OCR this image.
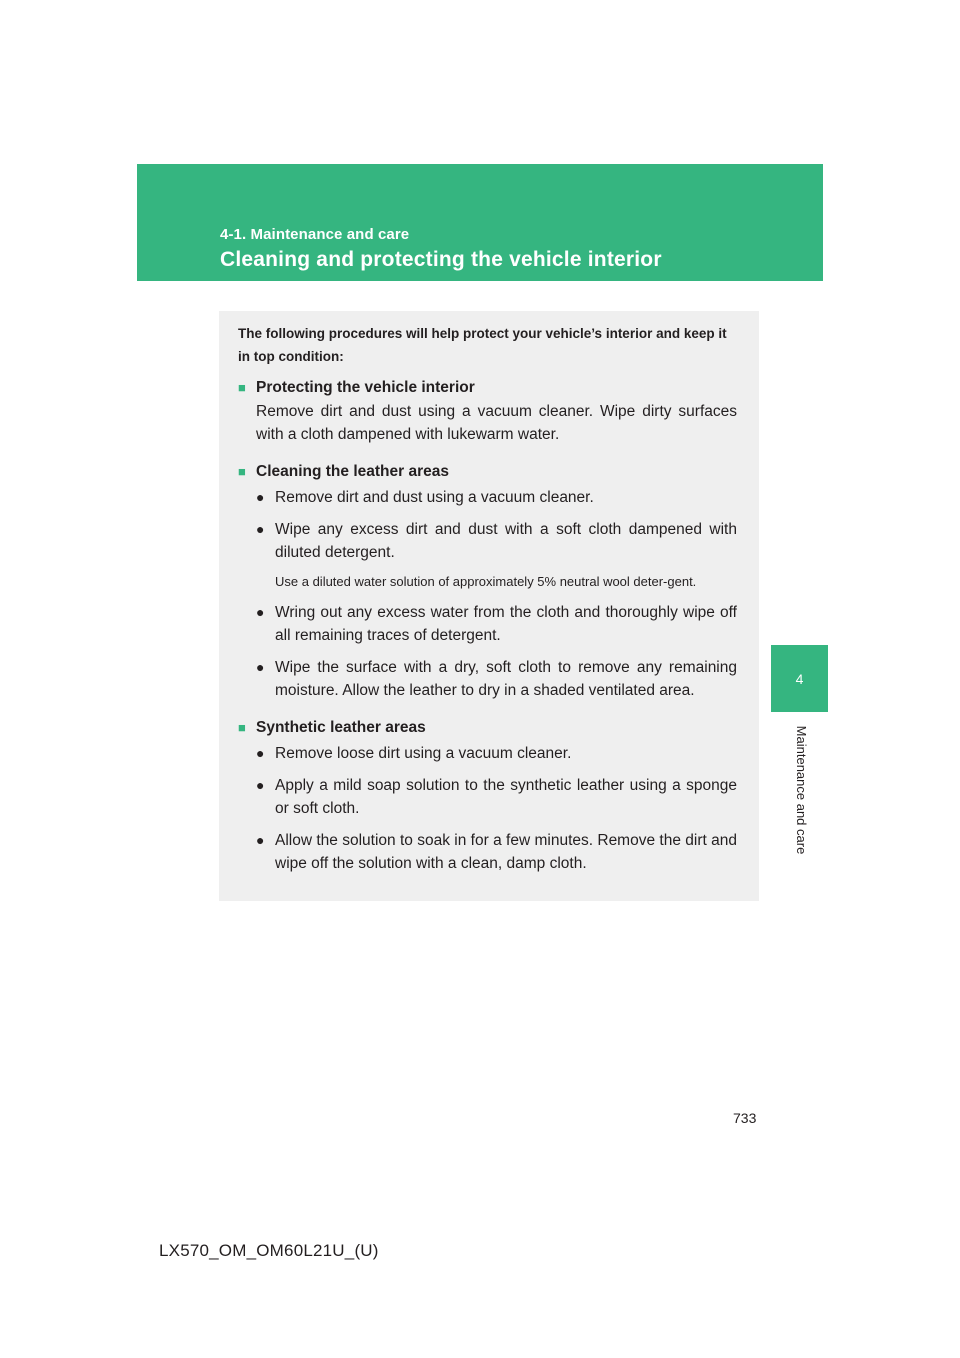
4-1. Maintenance and care
Cleaning and protecting the vehicle interior
4
Maintenance and care

The following procedures will help protect your vehicle’s interior and keep it in top condition:

■ Protecting the vehicle interior
Remove dirt and dust using a vacuum cleaner. Wipe dirty surfaces with a cloth dampened with lukewarm water.
■ Cleaning the leather areas
● Remove dirt and dust using a vacuum cleaner.
● Wipe any excess dirt and dust with a soft cloth dampened with diluted detergent.
Use a diluted water solution of approximately 5% neutral wool deter-gent.
● Wring out any excess water from the cloth and thoroughly wipe off all remaining traces of detergent.
● Wipe the surface with a dry, soft cloth to remove any remaining moisture. Allow the leather to dry in a shaded ventilated area.
■ Synthetic leather areas
● Remove loose dirt using a vacuum cleaner.
● Apply a mild soap solution to the synthetic leather using a sponge or soft cloth.
● Allow the solution to soak in for a few minutes. Remove the dirt and wipe off the solution with a clean, damp cloth.
733
LX570_OM_OM60L21U_(U)
